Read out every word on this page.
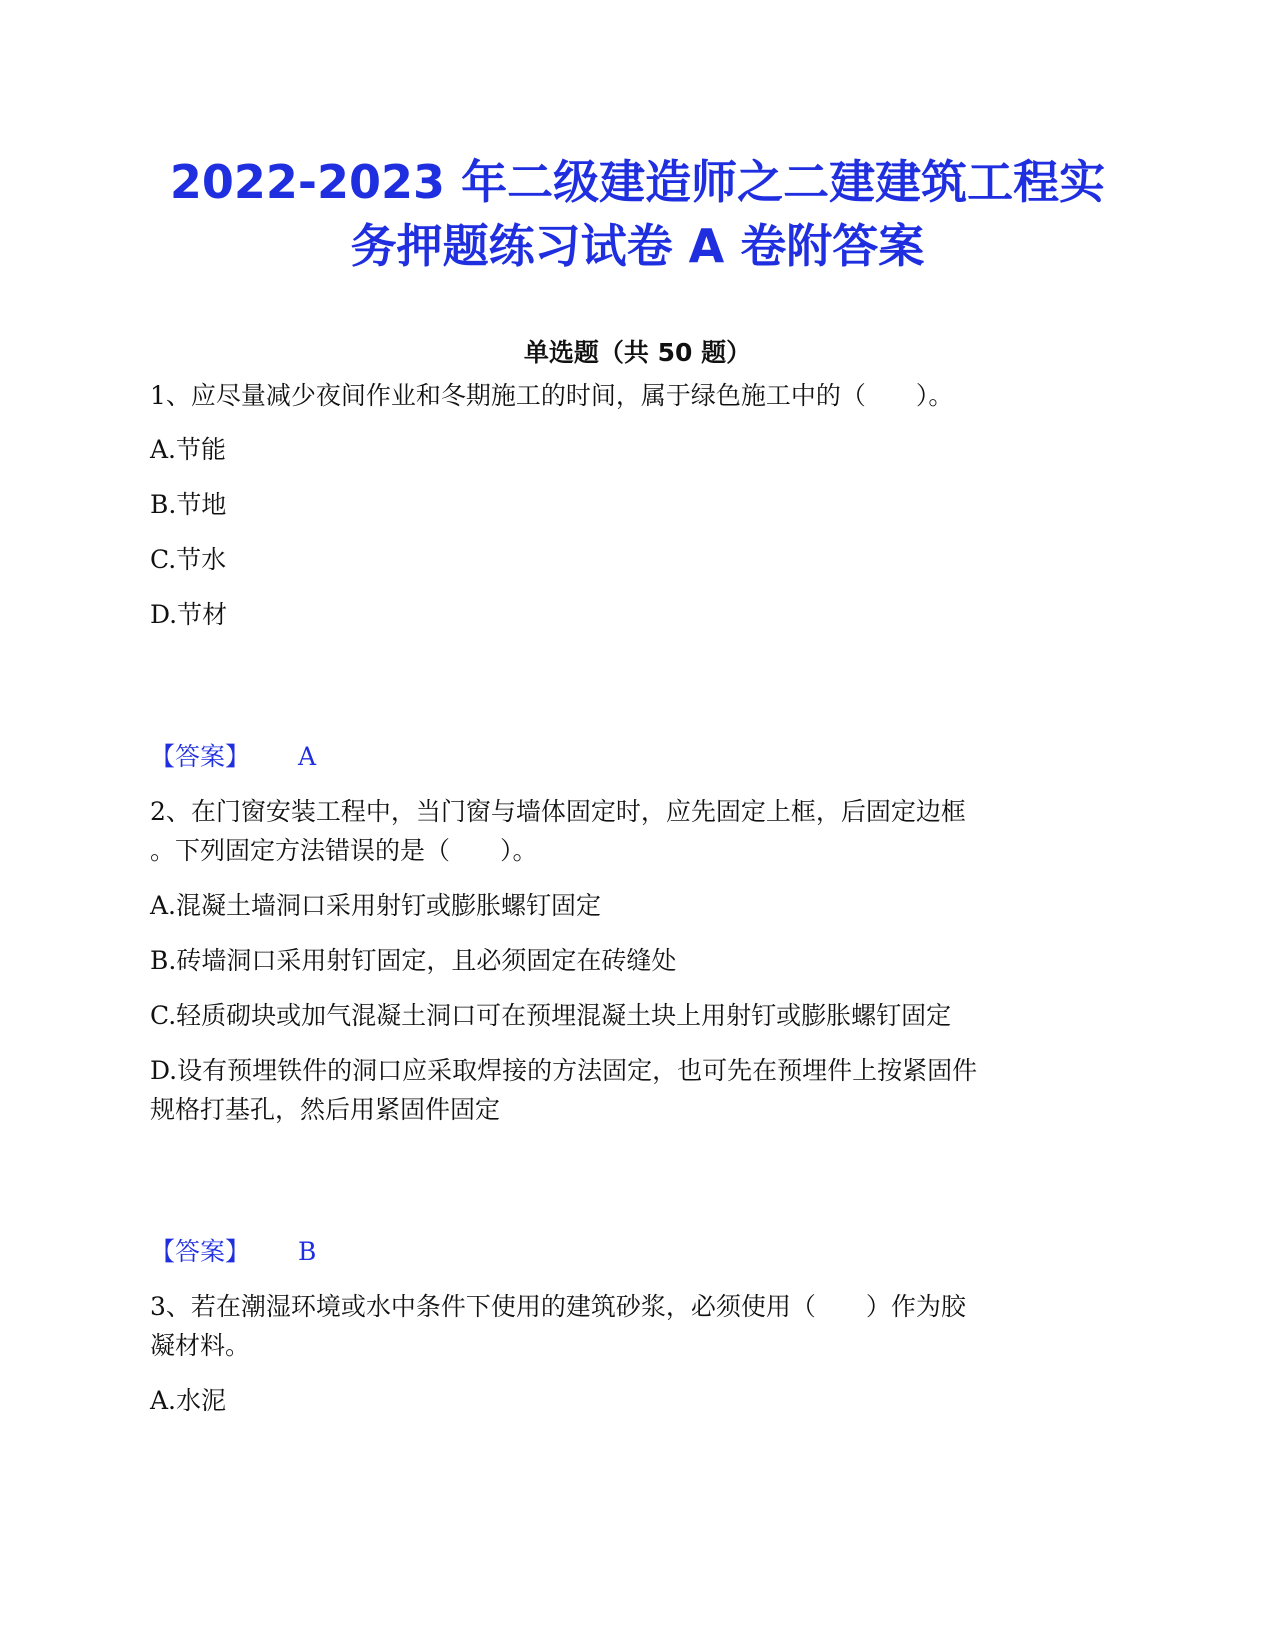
2022-2023 年二级建造师之二建建筑工程实
务押题练习试卷 A 卷附答案
单选题（共 50 题）
1、应尽量减少夜间作业和冬期施工的时间，属于绿色施工中的（　　）。
A.节能
B.节地
C.节水
D.节材
【答案】 A
2、在门窗安装工程中，当门窗与墙体固定时，应先固定上框，后固定边框
。下列固定方法错误的是（　　）。
A.混凝土墙洞口采用射钉或膨胀螺钉固定
B.砖墙洞口采用射钉固定，且必须固定在砖缝处
C.轻质砌块或加气混凝土洞口可在预埋混凝土块上用射钉或膨胀螺钉固定
D.设有预埋铁件的洞口应采取焊接的方法固定，也可先在预埋件上按紧固件
规格打基孔，然后用紧固件固定
【答案】 B
3、若在潮湿环境或水中条件下使用的建筑砂浆，必须使用（　　）作为胶
凝材料。
A.水泥
